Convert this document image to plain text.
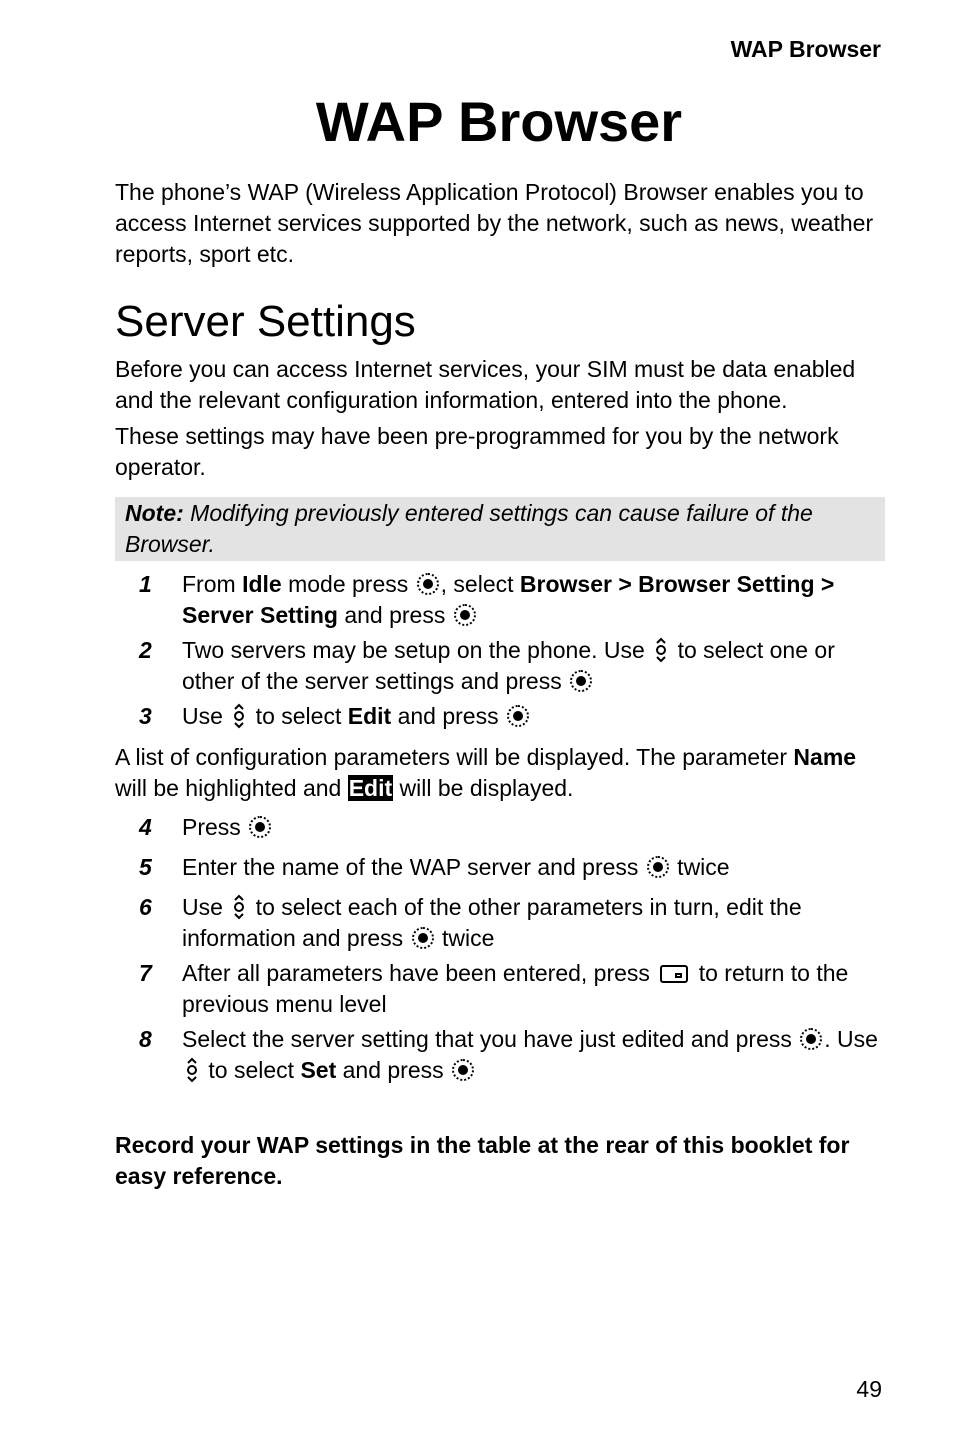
WAP Browser
WAP Browser

The phone’s WAP (Wireless Application Protocol) Browser enables you to access Internet services supported by the network, such as news, weather reports, sport etc.

Server Settings

Before you can access Internet services, your SIM must be data enabled and the relevant configuration information, entered into the phone.

These settings may have been pre-programmed for you by the network operator.

Note: Modifying previously entered settings can cause failure of the Browser.
1 From Idle mode press , select Browser > Browser Setting > Server Setting and press
2 Two servers may be setup on the phone. Use  to select one or other of the server settings and press
3 Use  to select Edit and press

A list of configuration parameters will be displayed. The parameter Name will be highlighted and Edit will be displayed.

4 Press
5 Enter the name of the WAP server and press  twice
6 Use  to select each of the other parameters in turn, edit the information and press  twice
7 After all parameters have been entered, press  to return to the previous menu level
8 Select the server setting that you have just edited and press . Use  to select Set and press

Record your WAP settings in the table at the rear of this booklet for easy reference.

49
